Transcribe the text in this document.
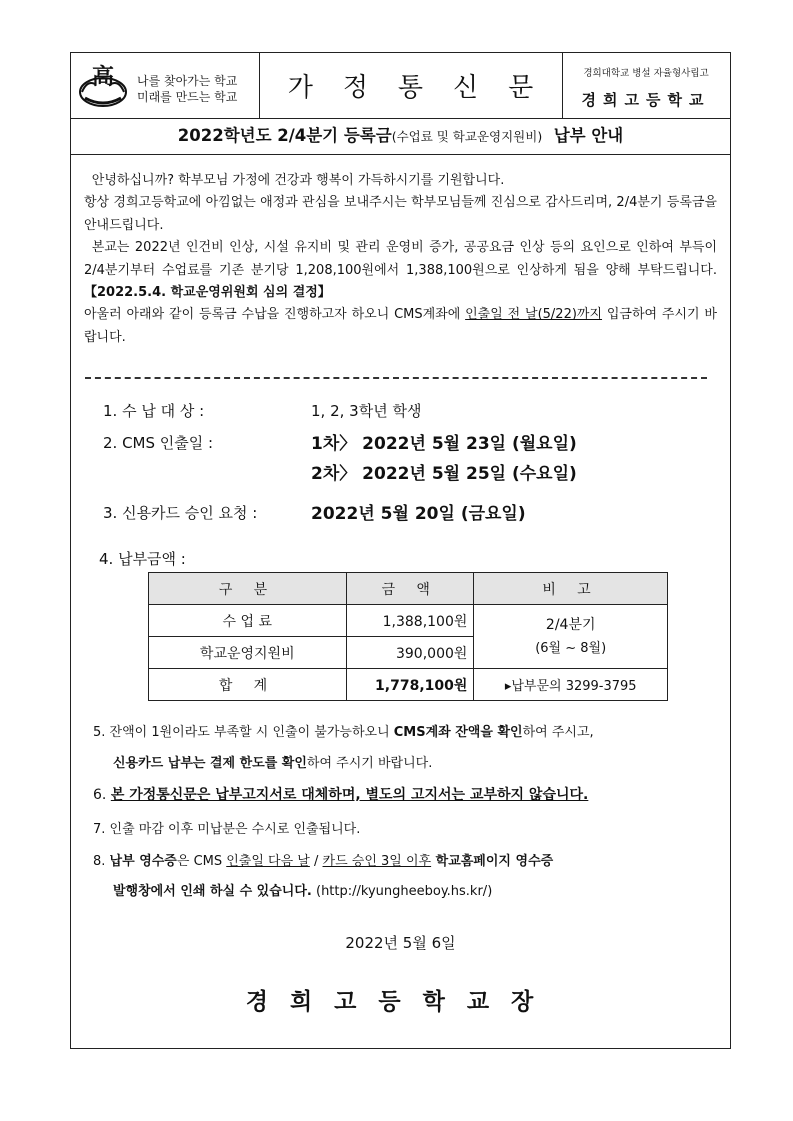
高 나를 찾아가는 학교
미래를 만드는 학교 가정통신문	경희대학교 병설 자율형사립고
경희고등학교
2022학년도 2/4분기 등록금(수업료 및 학교운영지원비) 납부 안내

안녕하십니까? 학부모님 가정에 건강과 행복이 가득하시기를 기원합니다.

항상 경희고등학교에 아낌없는 애정과 관심을 보내주시는 학부모님들께 진심으로 감사드리며, 2/4분기 등록금을 안내드립니다.

본교는 2022년 인건비 인상, 시설 유지비 및 관리 운영비 증가, 공공요금 인상 등의 요인으로 인하여 부득이 2/4분기부터 수업료를 기존 분기당 1,208,100원에서 1,388,100원으로 인상하게 됨을 양해 부탁드립니다.【2022.5.4. 학교운영위원회 심의 결정】

아울러 아래와 같이 등록금 수납을 진행하고자 하오니 CMS계좌에 인출일 전 날(5/22)까지 입금하여 주시기 바랍니다.

1. 수 납 대 상 :	1, 2, 3학년 학생
2. CMS 인출일 :	1차〉 2022년 5월 23일 (월요일)
2차〉 2022년 5월 25일 (수요일)
3. 신용카드 승인 요청 :	2022년 5월 20일 (금요일)
4. 납부금액 :
구 분	금 액	비 고
수 업 료	1,388,100원	2/4분기
(6월 ~ 8월)

학교운영지원비	390,000원	
합 계	1,778,100원	▸납부문의 3299-3795
5. 잔액이 1원이라도 부족할 시 인출이 불가능하오니 CMS계좌 잔액을 확인하여 주시고,
신용카드 납부는 결제 한도를 확인하여 주시기 바랍니다.
6. 본 가정통신문은 납부고지서로 대체하며, 별도의 고지서는 교부하지 않습니다.
7. 인출 마감 이후 미납분은 수시로 인출됩니다.
8. 납부 영수증은 CMS 인출일 다음 날 / 카드 승인 3일 이후 학교홈페이지 영수증
발행창에서 인쇄 하실 수 있습니다. (http://kyungheeboy.hs.kr/)
2022년 5월 6일
경희고등학교장
